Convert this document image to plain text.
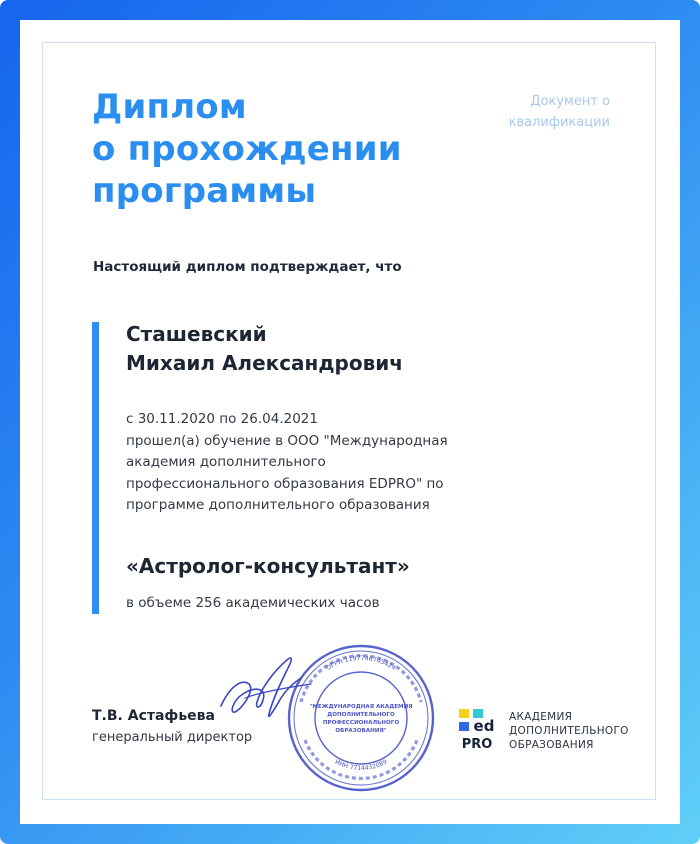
Диплом
о прохождении
программы
Документ о
квалификации
Настоящий диплом подтверждает, что
Сташевский
Михаил Александрович
с 30.11.2020 по 26.04.2021
прошел(а) обучение в ООО "Международная
академия дополнительного
профессионального образования EDPRO" по
программе дополнительного образования
«Астролог-консультант»
в объеме 256 академических часов
Т.В. Астафьева
генеральный директор
ОГРН 1197746745424
ИНН 7714432089
"МЕЖДУНАРОДНАЯ АКАДЕМИЯ
ДОПОЛНИТЕЛЬНОГО
ПРОФЕССИОНАЛЬНОГО
ОБРАЗОВАНИЯ"	ed
PRO
АКАДЕМИЯ
ДОПОЛНИТЕЛЬНОГО
ОБРАЗОВАНИЯ
